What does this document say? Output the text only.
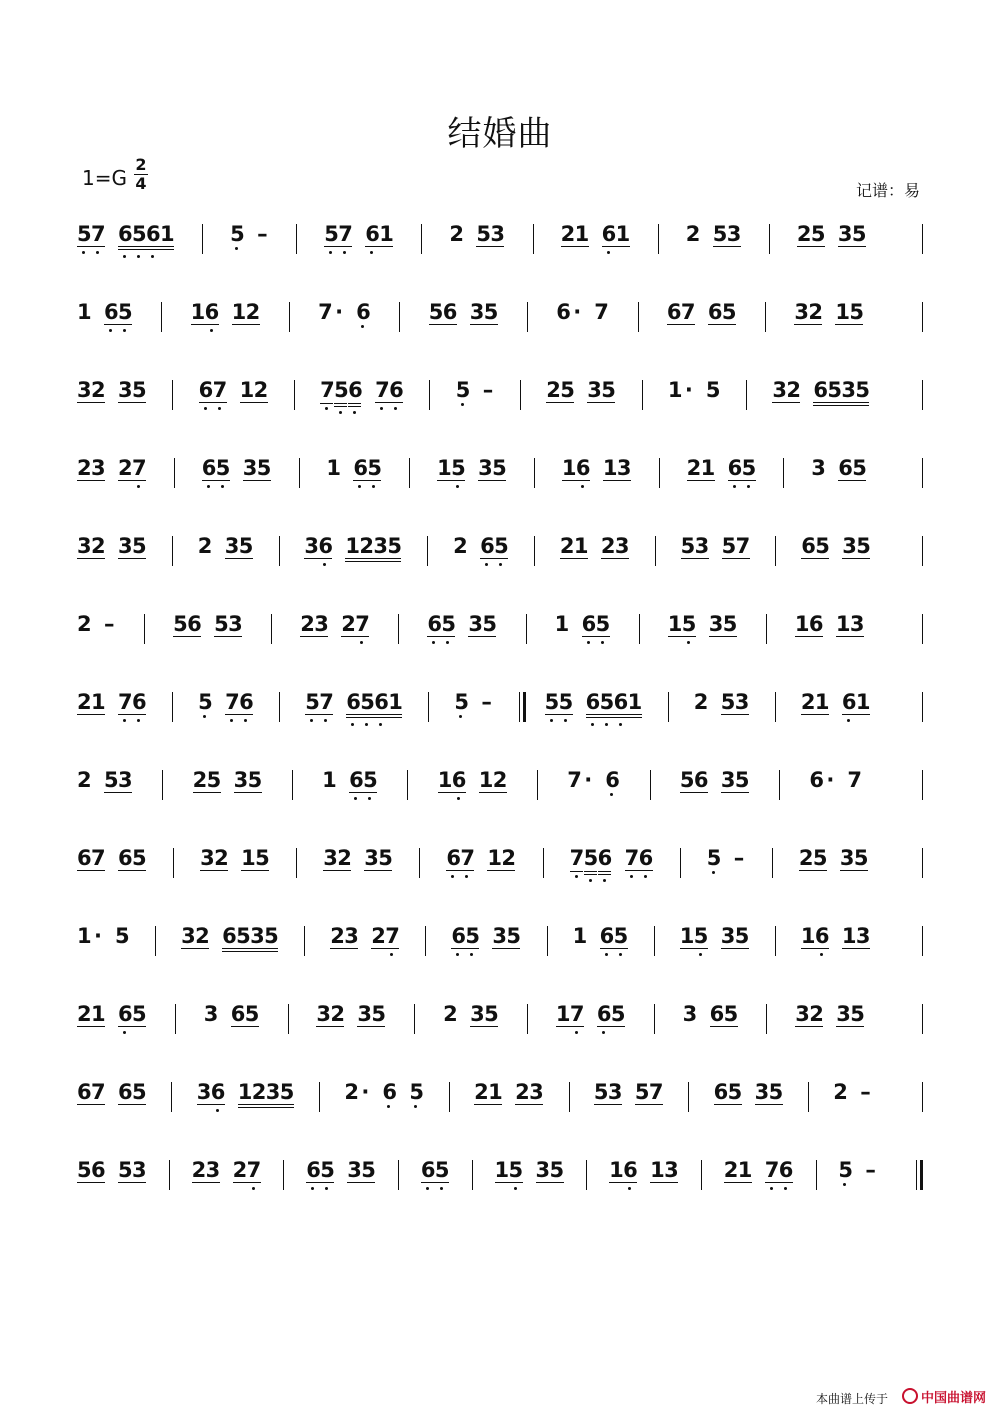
结婚曲
$1=G \frac{2}{4}$	记谱：易
5
7 6
5
6
1	5 –	5
7 6
1	2 53	21 6
1	2 53	25 35
1 6
5	16 12	7 · 6	56 35	6 · 7	67 65	32 15
32 35 6
7 12 7
5
6 7
6 5 –	25 35 1 · 5 32 6535
23 27	6
5 35	1 6
5	15 35	16 13	21 6
5	3 65
32 35 2 35 36 1235 2 6
5 21 23 53 57 65 35
2 –	56 53	23 27	6
5 35	1 6
5	15 35	16 13
21 7
6 5 7
6 5
7 6
5
6
1 5 –	5
5 6
5
6
1 2 53 21 6
1
2 53	25 35	1 6
5	16 12	7 · 6	56 35	6 · 7
67 65	32 15	32 35	6
7 12	7
5
6 7
6	5 –	25 35
1 · 5 32 6535 23 27 6
5 35 1 6
5 15 35 16 13
21 6
5	3 65	32 35	2 35	17 6
5	3 65	32 35
67 65 36 1235 2 · 6 5 21 23 53 57 65 35 2 –
56 53 23 27 6
5 35 6
5 15 35 16 13 21 7
6 5 –
本曲谱上传于	中国曲谱网
